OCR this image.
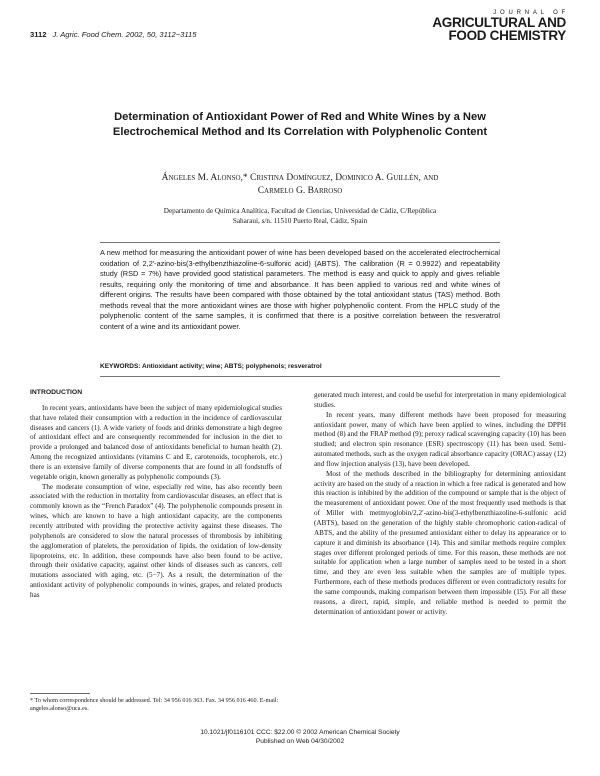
3112 J. Agric. Food Chem. 2002, 50, 3112−3115
JOURNAL OF
AGRICULTURAL AND
FOOD CHEMISTRY
Determination of Antioxidant Power of Red and White Wines by a New Electrochemical Method and Its Correlation with Polyphenolic Content
Ángeles M. Alonso,* Cristina Domínguez, Dominico A. Guillén, and
Carmelo G. Barroso
Departamento de Química Analítica, Facultad de Ciencias, Universidad de Cádiz, C/República
Saharaui, s/n. 11510 Puerto Real, Cádiz, Spain
A new method for measuring the antioxidant power of wine has been developed based on the accelerated electrochemical oxidation of 2,2′-azino-bis(3-ethylbenzthiazoline-6-sulfonic acid) (ABTS). The calibration (R = 0.9922) and repeatability study (RSD = 7%) have provided good statistical parameters. The method is easy and quick to apply and gives reliable results, requiring only the monitoring of time and absorbance. It has been applied to various red and white wines of different origins. The results have been compared with those obtained by the total antioxidant status (TAS) method. Both methods reveal that the more antioxidant wines are those with higher polyphenolic content. From the HPLC study of the polyphenolic content of the same samples, it is confirmed that there is a positive correlation between the resveratrol content of a wine and its antioxidant power.
KEYWORDS: Antioxidant activity; wine; ABTS; polyphenols; resveratrol
INTRODUCTION

In recent years, antioxidants have been the subject of many epidemiological studies that have related their consumption with a reduction in the incidence of cardiovascular diseases and cancers (1). A wide variety of foods and drinks demonstrate a high degree of antioxidant effect and are consequently recommended for inclusion in the diet to provide a prolonged and balanced dose of antioxidants beneficial to human health (2). Among the recognized antioxidants (vitamins C and E, carotenoids, tocopherols, etc.) there is an extensive family of diverse components that are found in all foodstuffs of vegetable origin, known generally as polyphenolic compounds (3).

The moderate consumption of wine, especially red wine, has also recently been associated with the reduction in mortality from cardiovascular diseases, an effect that is commonly known as the “French Paradox” (4). The polyphenolic compounds present in wines, which are known to have a high antioxidant capacity, are the components recently attributed with providing the protective activity against these diseases. The polyphenols are considered to slow the natural processes of thrombosis by inhibiting the agglomeration of platelets, the peroxidation of lipids, the oxidation of low-density lipoproteins, etc. In addition, these compounds have also been found to be active, through their oxidative capacity, against other kinds of diseases such as cancers, cell mutations associated with aging, etc. (5−7). As a result, the determination of the antioxidant activity of polyphenolic compounds in wines, grapes, and related products has

generated much interest, and could be useful for interpretation in many epidemiological studies.

In recent years, many different methods have been proposed for measuring antioxidant power, many of which have been applied to wines, including the DPPH method (8) and the FRAP method (9); peroxy radical scavenging capacity (10) has been studied; and electron spin resonance (ESR) spectroscopy (11) has been used. Semi-automated methods, such as the oxygen radical absorbance capacity (ORAC) assay (12) and flow injection analysis (13), have been developed.

Most of the methods described in the bibliography for determining antioxidant activity are based on the study of a reaction in which a free radical is generated and how this reaction is inhibited by the addition of the compound or sample that is the object of the measurement of antioxidant power. One of the most frequently used methods is that of Miller with metmyoglobin/2,2′-azino-bis(3-ethylbenzthiazoline-6-sulfonic acid (ABTS), based on the generation of the highly stable chromophoric cation-radical of ABTS, and the ability of the presumed antioxidant either to delay its appearance or to capture it and diminish its absorbance (14). This and similar methods require complex stages over different prolonged periods of time. For this reason, these methods are not suitable for application when a large number of samples need to be tested in a short time, and they are even less suitable when the samples are of multiple types. Furthermore, each of these methods produces different or even contradictory results for the same compounds, making comparison between them impossible (15). For all these reasons, a direct, rapid, simple, and reliable method is needed to permit the determination of antioxidant power or activity.

* To whom correspondence should be addressed. Tel: 34 956 016 363. Fax. 34 956 016 460. E-mail: angeles.alonso@uca.es.
10.1021/jf0116101 CCC: $22.00 © 2002 American Chemical Society
Published on Web 04/30/2002
